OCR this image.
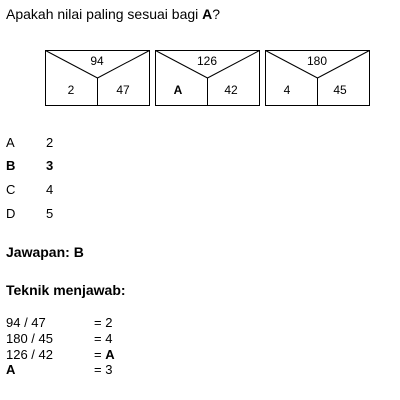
Apakah nilai paling sesuai bagi A?
94
2	47
126
A	42
180
4	45
A 2
B 3
C 4
D 5
Jawapan: B
Teknik menjawab:
94 / 47	= 2
180 / 45	= 4
126 / 42	= A
A	= 3
